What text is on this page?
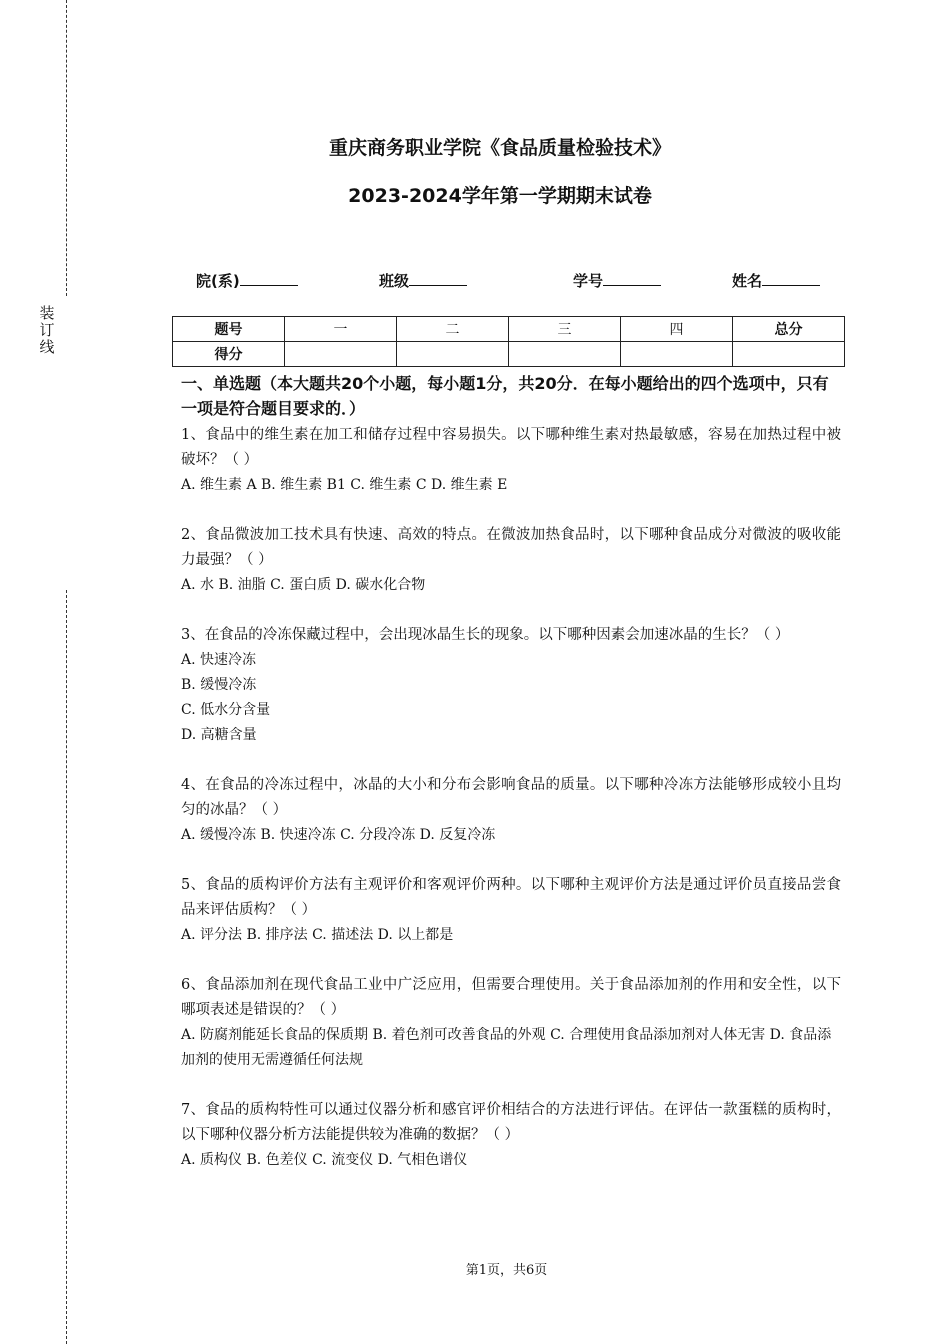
装
订
线
重庆商务职业学院《食品质量检验技术》
2023-2024学年第一学期期末试卷
院(系)	班级	学号	姓名
题号	一	二	三	四	总分
得分					

一、单选题（本大题共20个小题，每小题1分，共20分．在每小题给出的四个选项中，只有一项是符合题目要求的．）

1、食品中的维生素在加工和储存过程中容易损失。以下哪种维生素对热最敏感，容易在加热过程中被破坏？（ ）

A. 维生素 A B. 维生素 B1 C. 维生素 C D. 维生素 E

2、食品微波加工技术具有快速、高效的特点。在微波加热食品时，以下哪种食品成分对微波的吸收能力最强？（ ）

A. 水 B. 油脂 C. 蛋白质 D. 碳水化合物

3、在食品的冷冻保藏过程中，会出现冰晶生长的现象。以下哪种因素会加速冰晶的生长？（ ）

A. 快速冷冻

B. 缓慢冷冻

C. 低水分含量

D. 高糖含量

4、在食品的冷冻过程中，冰晶的大小和分布会影响食品的质量。以下哪种冷冻方法能够形成较小且均匀的冰晶？（ ）

A. 缓慢冷冻 B. 快速冷冻 C. 分段冷冻 D. 反复冷冻

5、食品的质构评价方法有主观评价和客观评价两种。以下哪种主观评价方法是通过评价员直接品尝食品来评估质构？（ ）

A. 评分法 B. 排序法 C. 描述法 D. 以上都是

6、食品添加剂在现代食品工业中广泛应用，但需要合理使用。关于食品添加剂的作用和安全性，以下哪项表述是错误的？（ ）

A. 防腐剂能延长食品的保质期 B. 着色剂可改善食品的外观 C. 合理使用食品添加剂对人体无害 D. 食品添加剂的使用无需遵循任何法规

7、食品的质构特性可以通过仪器分析和感官评价相结合的方法进行评估。在评估一款蛋糕的质构时，以下哪种仪器分析方法能提供较为准确的数据？（ ）

A. 质构仪 B. 色差仪 C. 流变仪 D. 气相色谱仪

第1页，共6页
